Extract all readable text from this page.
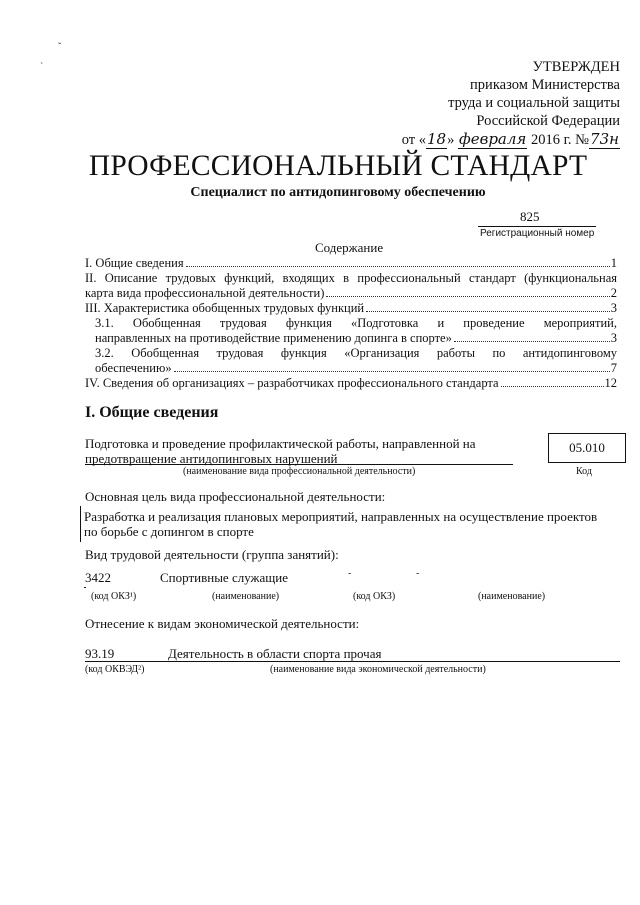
ˇ
`	УТВЕРЖДЕН
приказом Министерства
труда и социальной защиты
Российской Федерации
от «18» февраля 2016 г. №73н
ПРОФЕССИОНАЛЬНЫЙ СТАНДАРТ
Специалист по антидопинговому обеспечению
825
Регистрационный номер
Содержание
I. Общие сведения	1
II. Описание трудовых функций, входящих в профессиональный стандарт (функциональная
карта вида профессиональной деятельности)	2
III. Характеристика обобщенных трудовых функций	3
3.1. Обобщенная трудовая функция «Подготовка и проведение мероприятий,
направленных на противодействие применению допинга в спорте»	3
3.2. Обобщенная трудовая функция «Организация работы по антидопинговому
обеспечению»	7
IV. Сведения об организациях – разработчиках профессионального стандарта	12
I. Общие сведения
Подготовка и проведение профилактической работы, направленной на
предотвращение антидопинговых нарушений
(наименование вида профессиональной деятельности)
05.010
Код
Основная цель вида профессиональной деятельности:
Разработка и реализация плановых мероприятий, направленных на осуществление проектов
по борьбе с допингом в спорте
Вид трудовой деятельности (группа занятий):
3422	Спортивные служащие	-	-
(код ОКЗ¹)	(наименование)	(код ОКЗ)	(наименование)
Отнесение к видам экономической деятельности:
93.19	Деятельность в области спорта прочая
(код ОКВЭД²)	(наименование вида экономической деятельности)
